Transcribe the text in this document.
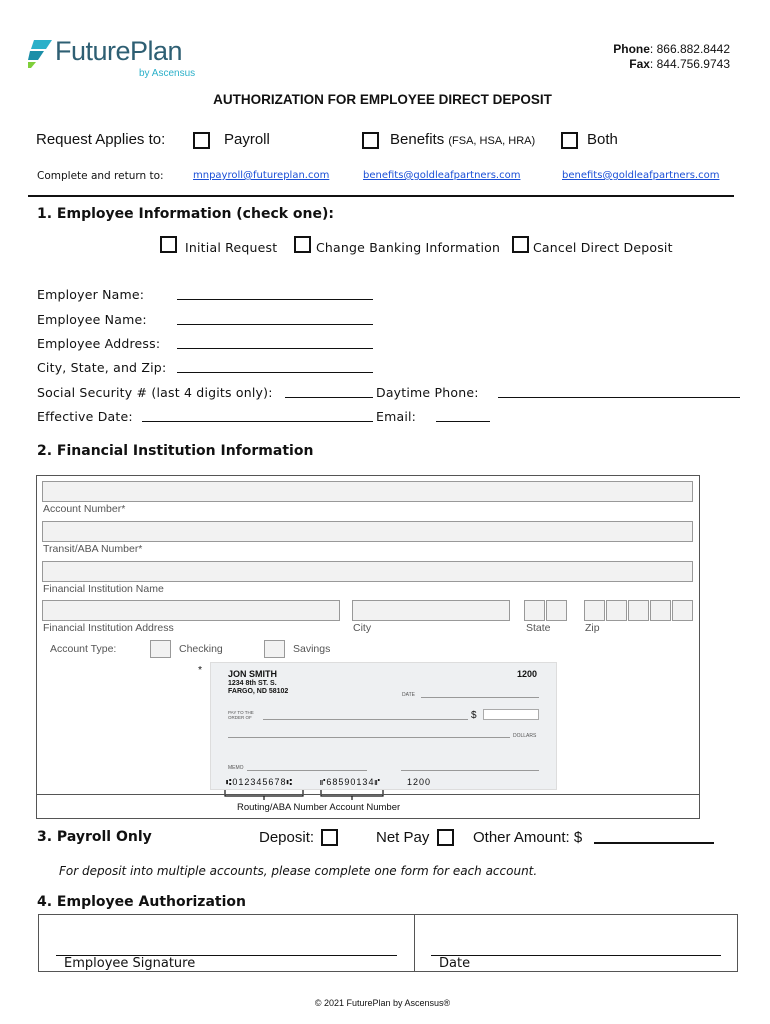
FuturePlan
by Ascensus
Phone: 866.882.8442
Fax: 844.756.9743
AUTHORIZATION FOR EMPLOYEE DIRECT DEPOSIT
Request Applies to:	Payroll	Benefits (FSA, HSA, HRA)	Both
Complete and return to:	mnpayroll@futureplan.com	benefits@goldleafpartners.com	benefits@goldleafpartners.com
1. Employee Information (check one):
Initial Request	Change Banking Information	Cancel Direct Deposit
Employer Name:
Employee Name:
Employee Address:
City, State, and Zip:
Social Security # (last 4 digits only):	Daytime Phone:
Effective Date:	Email:
2. Financial Institution Information
Account Number*
Transit/ABA Number*
Financial Institution Name
Financial Institution Address	City	State	Zip
Account Type:	Checking	Savings
*	JON SMITH
1234 8th ST. S.
FARGO, ND 58102
1200
DATE
PAY TO THE ORDER OF	$
DOLLARS
MEMO
⑆012345678⑆	⑈68590134⑈	1200
Routing/ABA Number Account Number
3. Payroll Only	Deposit:	Net Pay	Other Amount: $
For deposit into multiple accounts, please complete one form for each account.
4. Employee Authorization
Employee Signature	Date
© 2021 FuturePlan by Ascensus®
